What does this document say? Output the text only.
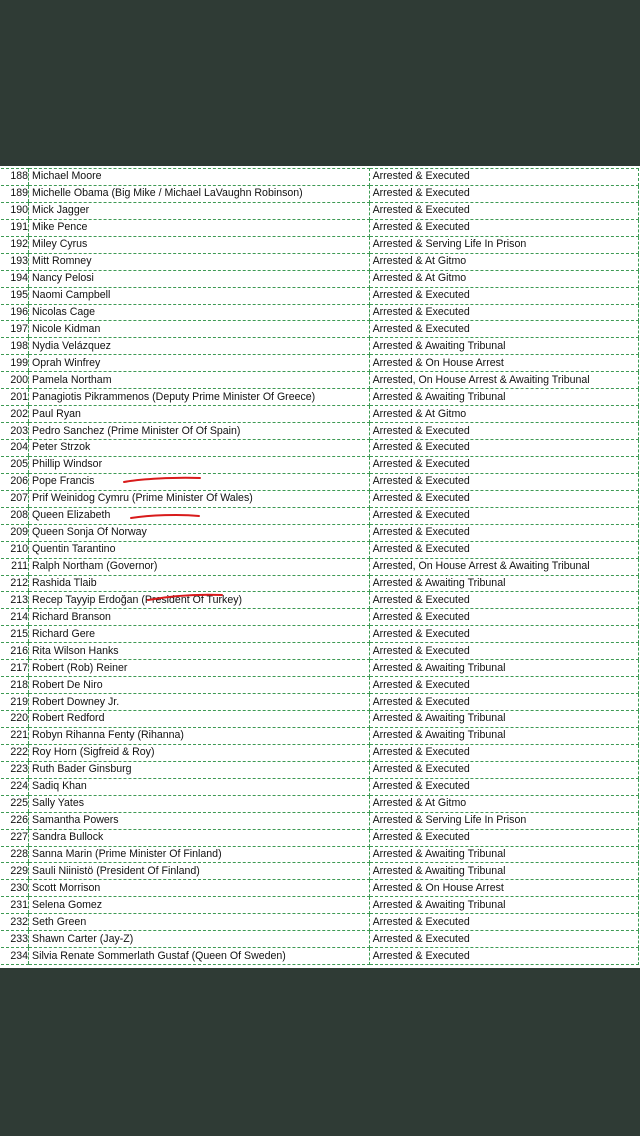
188	Michael Moore	Arrested & Executed
189	Michelle Obama (Big Mike / Michael LaVaughn Robinson)	Arrested & Executed
190	Mick Jagger	Arrested & Executed
191	Mike Pence	Arrested & Executed
192	Miley Cyrus	Arrested & Serving Life In Prison
193	Mitt Romney	Arrested & At Gitmo
194	Nancy Pelosi	Arrested & At Gitmo
195	Naomi Campbell	Arrested & Executed
196	Nicolas Cage	Arrested & Executed
197	Nicole Kidman	Arrested & Executed
198	Nydia Velázquez	Arrested & Awaiting Tribunal
199	Oprah Winfrey	Arrested & On House Arrest
200	Pamela Northam	Arrested, On House Arrest & Awaiting Tribunal
201	Panagiotis Pikrammenos (Deputy Prime Minister Of Greece)	Arrested & Awaiting Tribunal
202	Paul Ryan	Arrested & At Gitmo
203	Pedro Sanchez (Prime Minister Of Of Spain)	Arrested & Executed
204	Peter Strzok	Arrested & Executed
205	Phillip Windsor	Arrested & Executed
206	Pope Francis	Arrested & Executed
207	Prif Weinidog Cymru (Prime Minister Of Wales)	Arrested & Executed
208	Queen Elizabeth	Arrested & Executed
209	Queen Sonja Of Norway	Arrested & Executed
210	Quentin Tarantino	Arrested & Executed
211	Ralph Northam (Governor)	Arrested, On House Arrest & Awaiting Tribunal
212	Rashida Tlaib	Arrested & Awaiting Tribunal
213	Recep Tayyip Erdoğan (President Of Turkey)	Arrested & Executed
214	Richard Branson	Arrested & Executed
215	Richard Gere	Arrested & Executed
216	Rita Wilson Hanks	Arrested & Executed
217	Robert (Rob) Reiner	Arrested & Awaiting Tribunal
218	Robert De Niro	Arrested & Executed
219	Robert Downey Jr.	Arrested & Executed
220	Robert Redford	Arrested & Awaiting Tribunal
221	Robyn Rihanna Fenty (Rihanna)	Arrested & Awaiting Tribunal
222	Roy Horn (Sigfreid & Roy)	Arrested & Executed
223	Ruth Bader Ginsburg	Arrested & Executed
224	Sadiq Khan	Arrested & Executed
225	Sally Yates	Arrested & At Gitmo
226	Samantha Powers	Arrested & Serving Life In Prison
227	Sandra Bullock	Arrested & Executed
228	Sanna Marin (Prime Minister Of Finland)	Arrested & Awaiting Tribunal
229	Sauli Niinistö (President Of Finland)	Arrested & Awaiting Tribunal
230	Scott Morrison	Arrested & On House Arrest
231	Selena Gomez	Arrested & Awaiting Tribunal
232	Seth Green	Arrested & Executed
233	Shawn Carter (Jay-Z)	Arrested & Executed
234	Silvia Renate Sommerlath Gustaf (Queen Of Sweden)	Arrested & Executed
